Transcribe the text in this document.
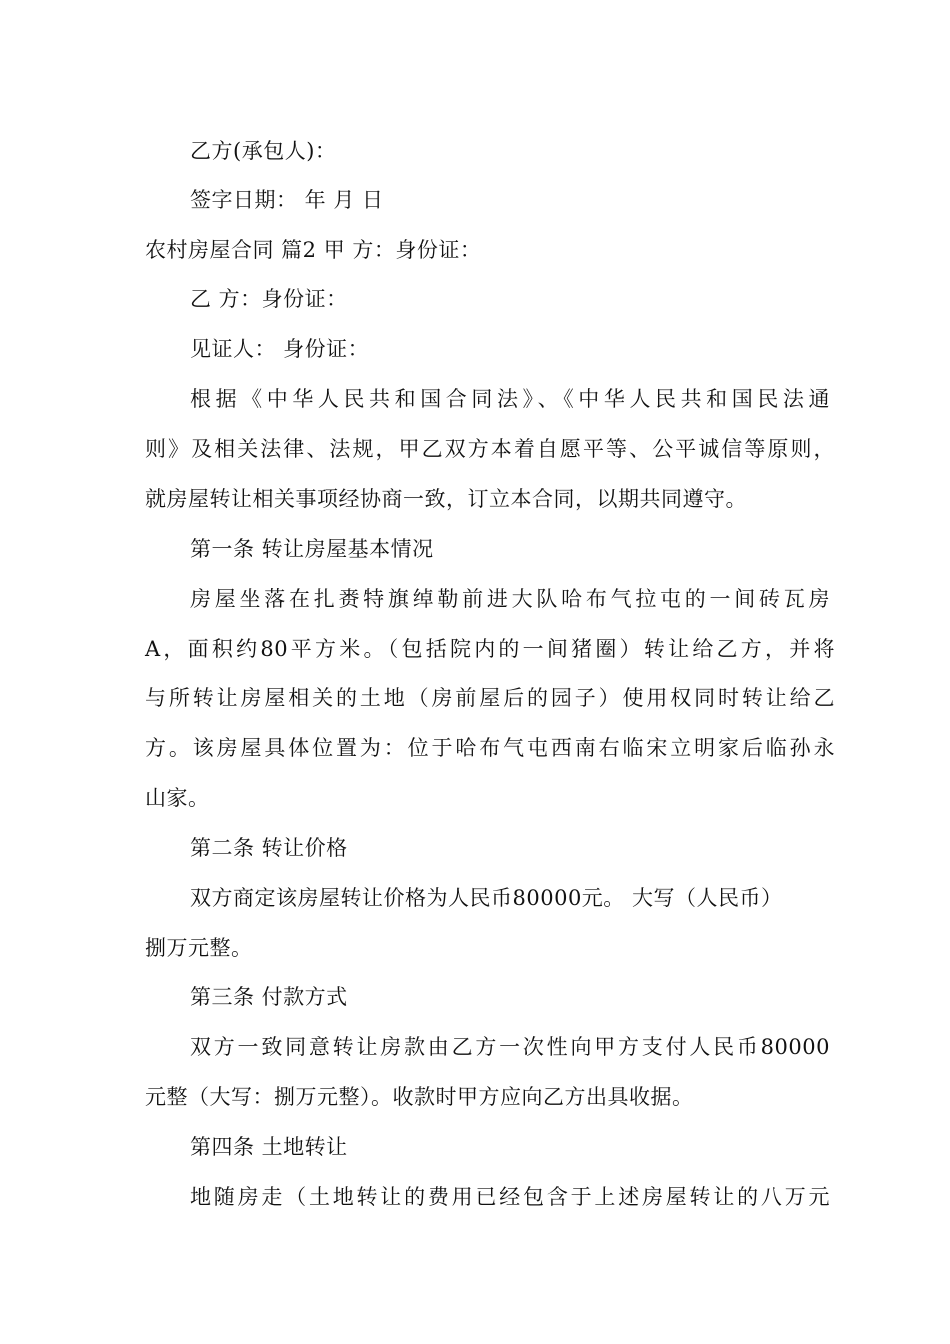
乙方(承包人)：
签字日期： 年 月 日
农村房屋合同 篇2 甲 方：身份证：
乙 方：身份证：
见证人： 身份证：
根据《中华人民共和国合同法》、《中华人民共和国民法通
则》及相关法律、法规，甲乙双方本着自愿平等、公平诚信等原则，
就房屋转让相关事项经协商一致，订立本合同，以期共同遵守。
第一条 转让房屋基本情况
房屋坐落在扎赉特旗绰勒前进大队哈布气拉屯的一间砖瓦房
A，面积约80平方米。（包括院内的一间猪圈）转让给乙方，并将
与所转让房屋相关的土地（房前屋后的园子）使用权同时转让给乙
方。该房屋具体位置为：位于哈布气屯西南右临宋立明家后临孙永
山家。
第二条 转让价格
双方商定该房屋转让价格为人民币80000元。 大写（人民币）
捌万元整。
第三条 付款方式
双方一致同意转让房款由乙方一次性向甲方支付人民币80000
元整（大写：捌万元整）。收款时甲方应向乙方出具收据。
第四条 土地转让
地随房走（土地转让的费用已经包含于上述房屋转让的八万元
